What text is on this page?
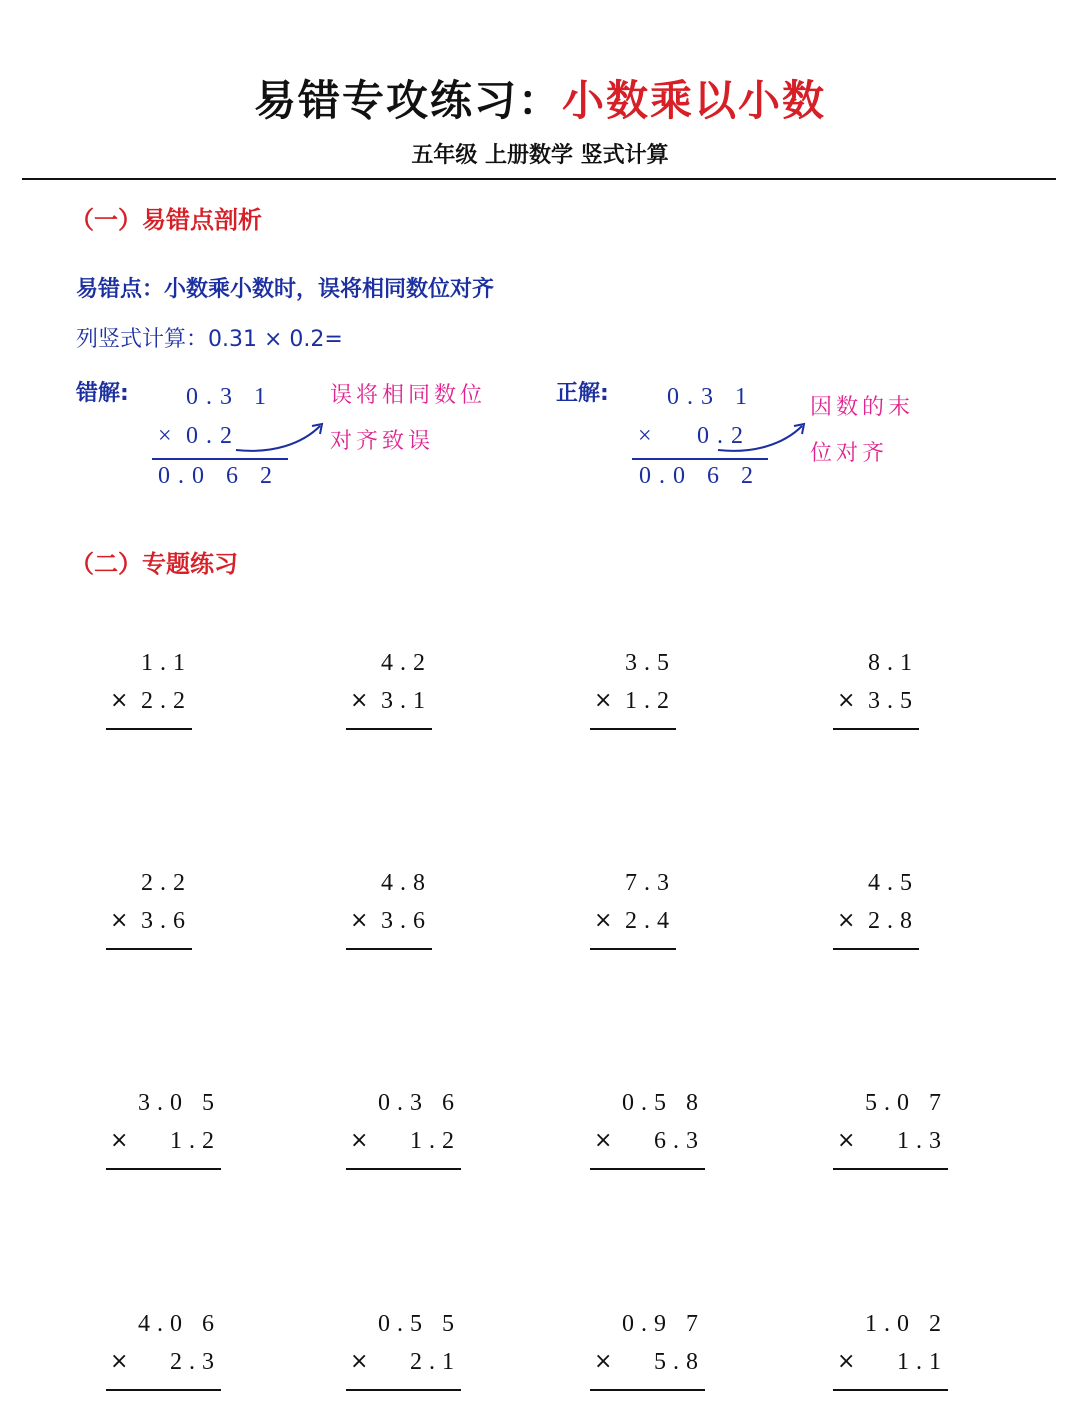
易错专攻练习：小数乘以小数
五年级 上册数学 竖式计算
（一）易错点剖析
易错点：小数乘小数时，误将相同数位对齐
列竖式计算：0.31 × 0.2=
错解: 0.3 1
× 0.2
0.0 6 2
误将相同数位
对齐致误
正解: 0.3 1
× 0.2
0.0 6 2
因数的末
位对齐
（二）专题练习
1.1
× 2.2
4.2
× 3.1
3.5
× 1.2
8.1
× 3.5
2.2
× 3.6
4.8
× 3.6
7.3
× 2.4
4.5
× 2.8
3.0 5
× 1.2
0.3 6
× 1.2
0.5 8
× 6.3
5.0 7
× 1.3
4.0 6
× 2.3
0.5 5
× 2.1
0.9 7
× 5.8
1.0 2
× 1.1
